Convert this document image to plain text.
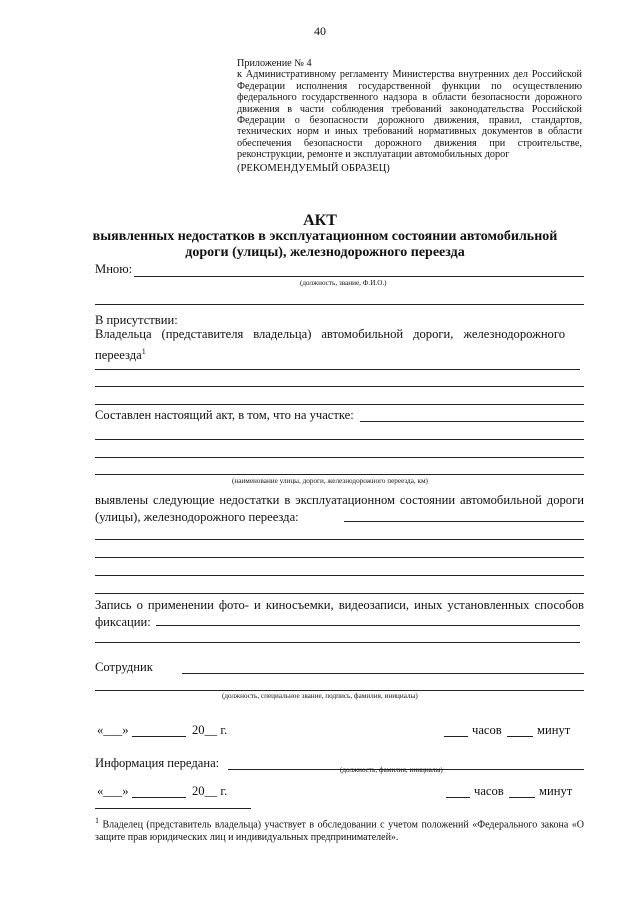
40
Приложение № 4
к Административному регламенту Министерства внутренних дел Российской Федерации исполнения государственной функции по осуществлению федерального государственного надзора в области безопасности дорожного движения в части соблюдения требований законодательства Российской Федерации о безопасности дорожного движения, правил, стандартов, технических норм и иных требований нормативных документов в области обеспечения безопасности дорожного движения при строительстве, реконструкции, ремонте и эксплуатации автомобильных дорог
(РЕКОМЕНДУЕМЫЙ ОБРАЗЕЦ)
АКТ
выявленных недостатков в эксплуатационном состоянии автомобильной дороги (улицы), железнодорожного переезда
Мною:
(должность, звание, Ф.И.О.)
В присутствии:
Владельца (представителя владельца) автомобильной дороги, железнодорожного переезда$^1$
Составлен настоящий акт, в том, что на участке:
(наименование улицы, дороги, железнодорожного переезда, км)
выявлены следующие недостатки в эксплуатационном состоянии автомобильной дороги (улицы), железнодорожного переезда:
Запись о применении фото- и киносъемки, видеозаписи, иных установленных способов фиксации:
Сотрудник
(должность, специальное звание, подпись, фамилия, инициалы)
«___»	20__ г.	часов	минут
Информация передана:	(должность, фамилия, инициалы)
«___»	20__ г.	часов	минут
$^1$ Владелец (представитель владельца) участвует в обследовании с учетом положений «Федерального закона «О защите прав юридических лиц и индивидуальных предпринимателей».
